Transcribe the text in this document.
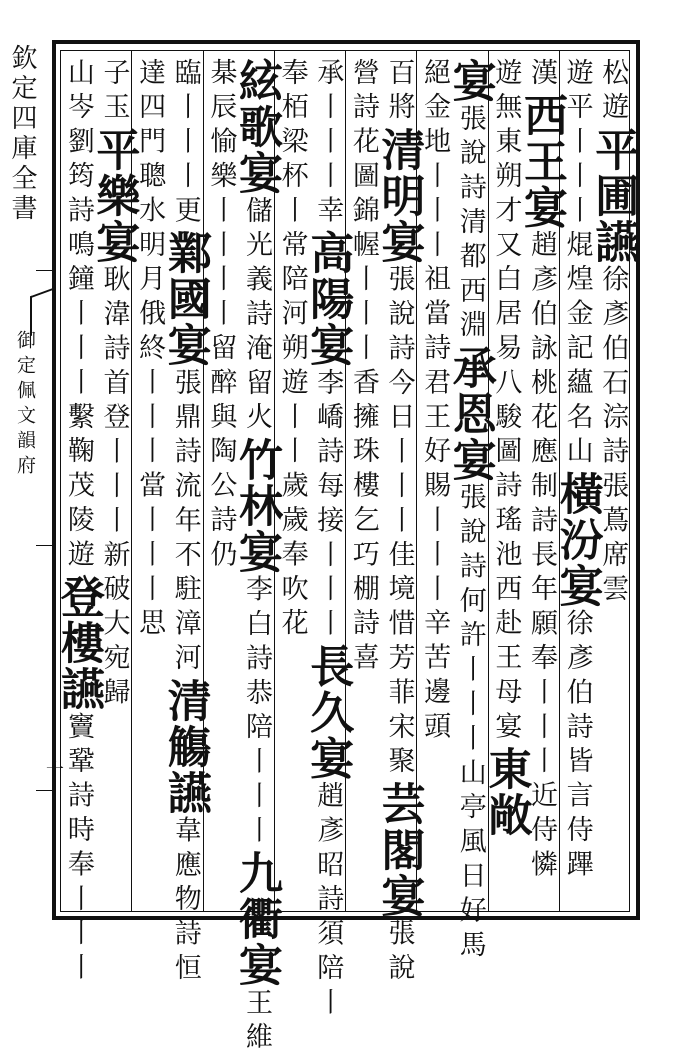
欽定四庫全書
御定佩文韻府
十
松遊平圃讌徐彥伯石淙詩張蔦席雲
遊平丨丨丨焜煌金記蘊名山橫汾宴徐彥伯詩皆言侍蹕
漢西王宴趙彥伯詠桃花應制詩長年願奉丨丨丨近侍憐
遊無東朔才又白居易八駿圖詩瑤池西赴王母宴東敞
宴張說詩清都西淵承恩宴張說詩何許丨丨丨山亭風日好馬
絕金地丨丨丨祖當詩君王好賜丨丨丨辛苦邊頭
百將清明宴張說詩今日丨丨丨佳境惜芳菲宋聚芸閣宴張說
營詩花圖錦幄丨丨丨香擁珠樓乞巧棚詩喜
承丨丨丨幸高陽宴李嶠詩每接丨丨丨長久宴趙彥昭詩須陪丨
奉栢梁杯丨常陪河朔遊丨丨歲歲奉吹花
絃歌宴儲光義詩淹留火竹林宴李白詩恭陪丨丨丨九衢宴王維
棊辰愉樂丨丨丨丨留醉與陶公詩仍
臨丨丨丨更鄴國宴張鼎詩流年不駐漳河清觴讌韋應物詩恒
達四門聰水明月俄終丨丨丨當丨丨丨思
子玉平樂宴耿湋詩首登丨丨丨新破大宛歸
山岑劉筠詩鳴鐘丨丨丨繫鞠茂陵遊登樓讌竇鞏詩時奉丨丨丨
